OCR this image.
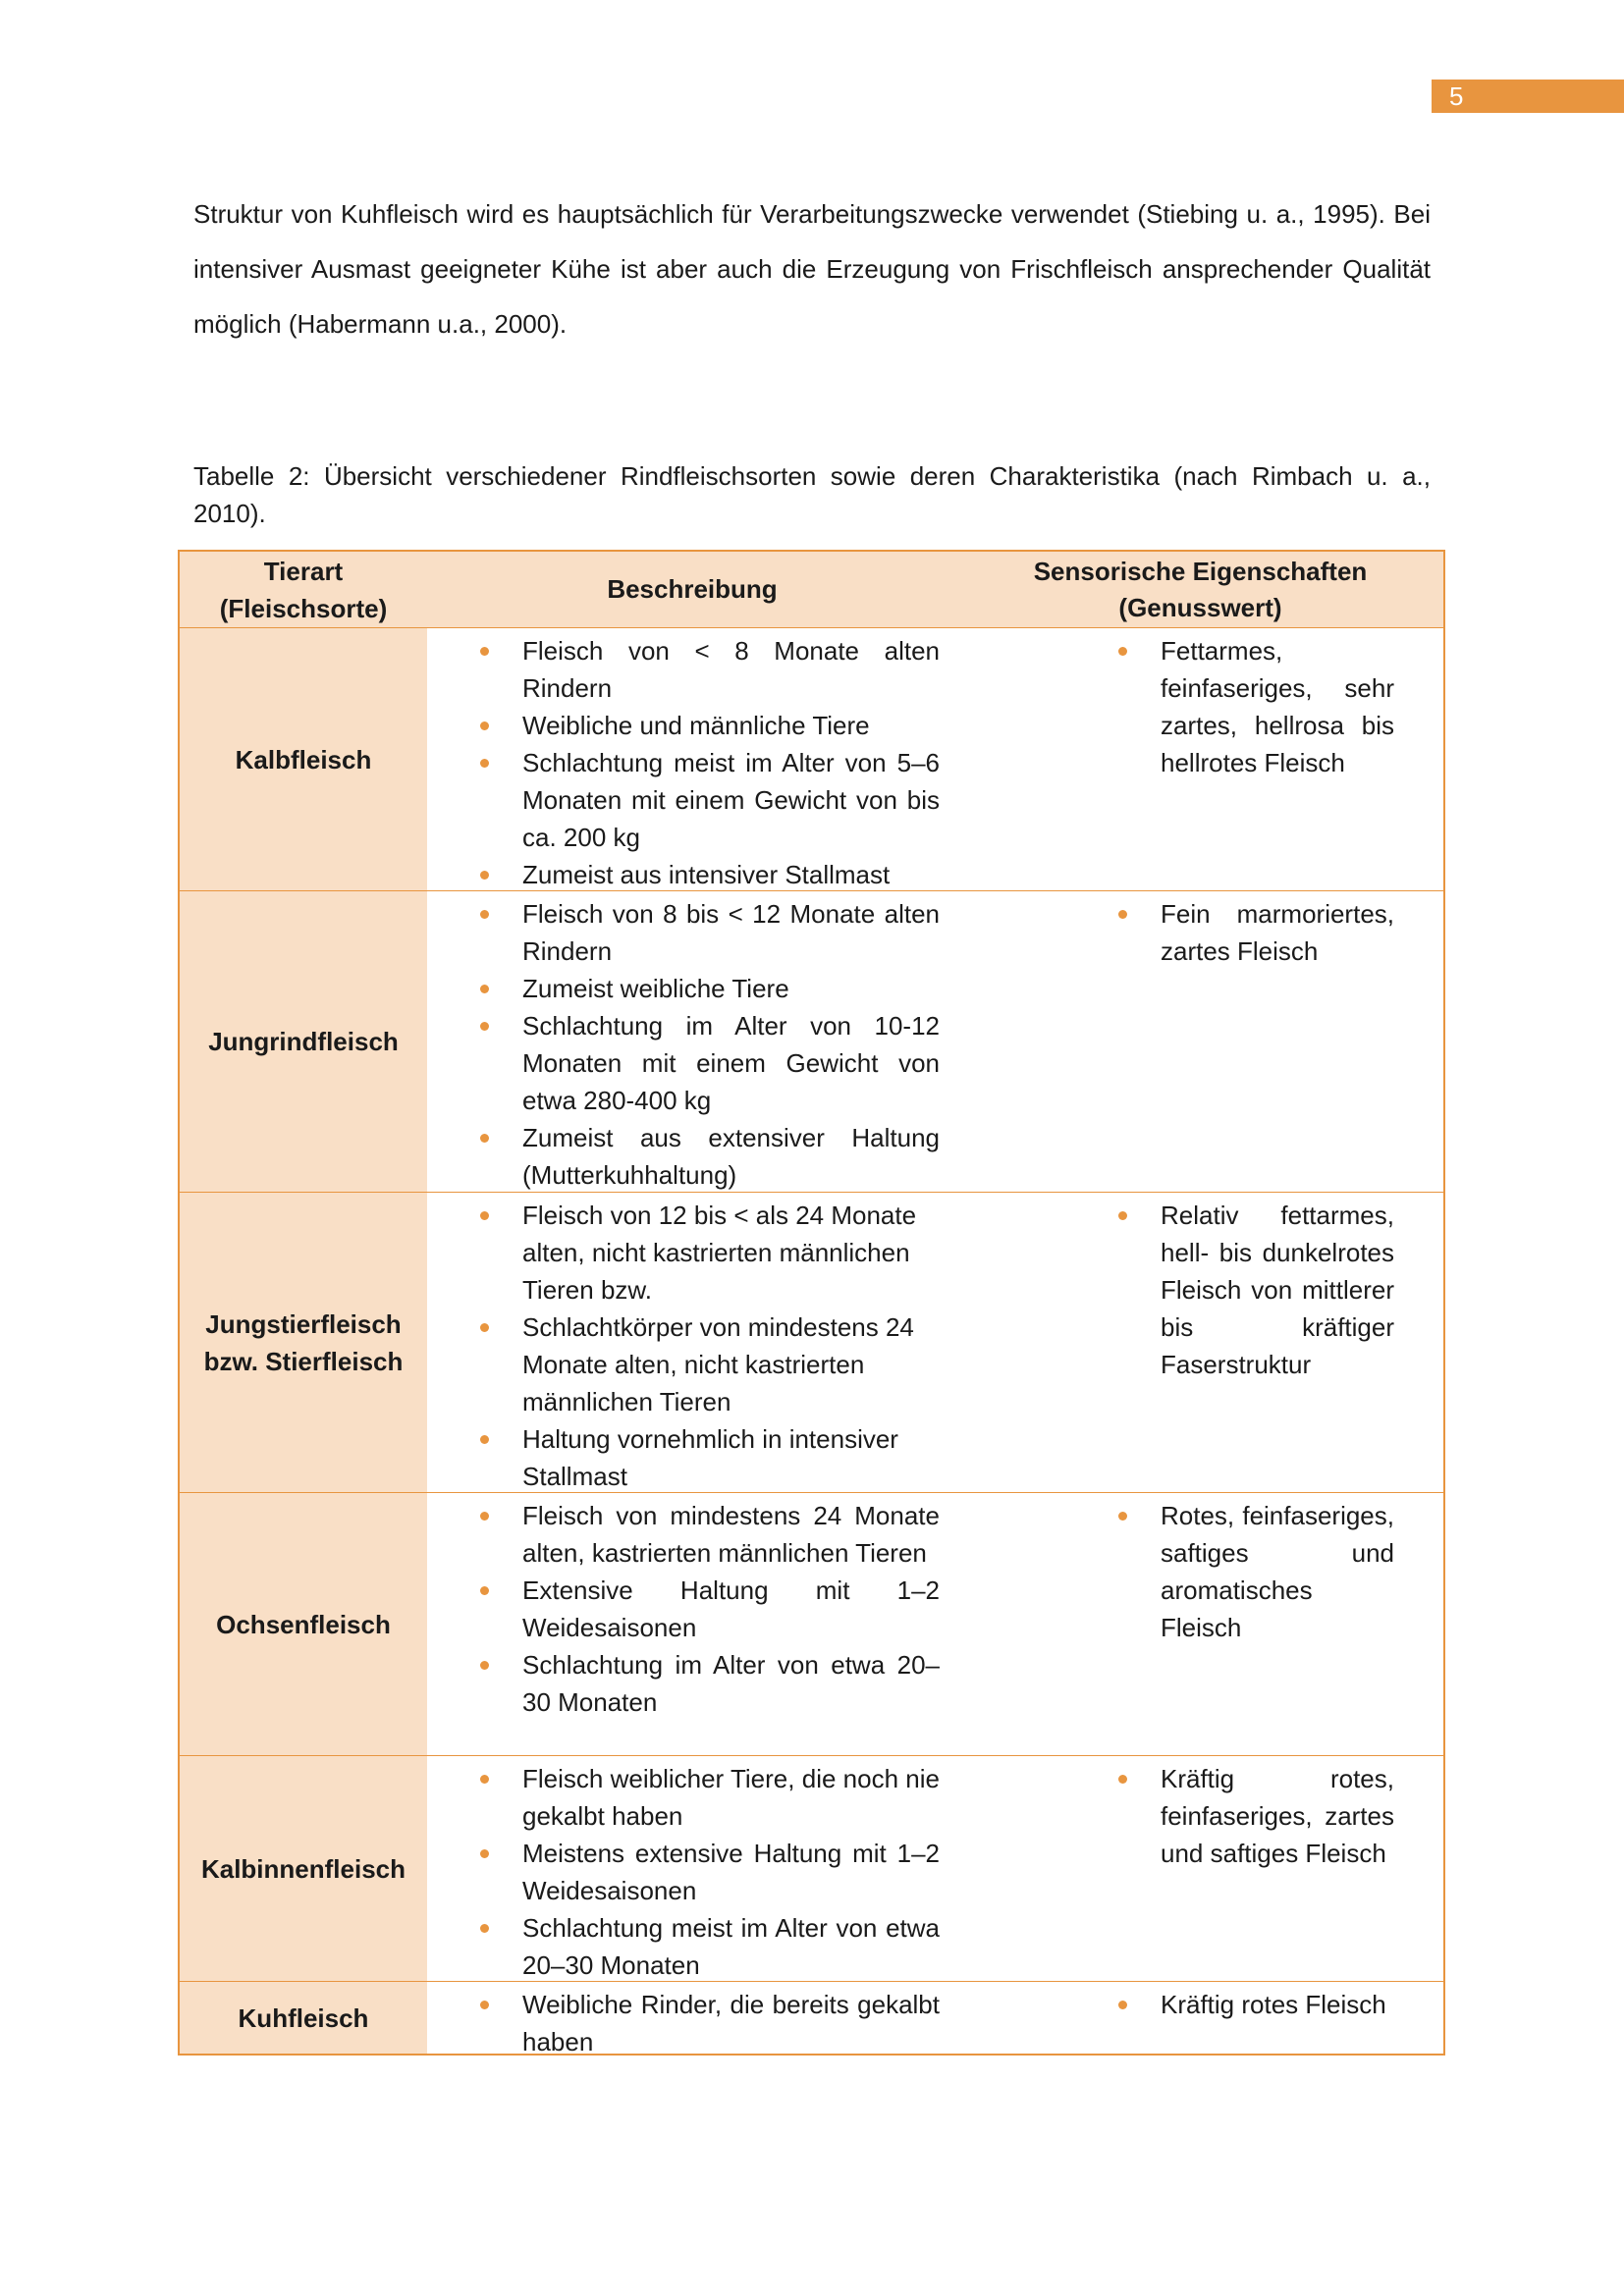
5

Struktur von Kuhfleisch wird es hauptsächlich für Verarbeitungszwecke verwendet (Stiebing u. a., 1995). Bei intensiver Ausmast geeigneter Kühe ist aber auch die Erzeugung von Frischfleisch ansprechender Qualität möglich (Habermann u.a., 2000).

Tabelle 2: Übersicht verschiedener Rindfleischsorten sowie deren Charakteristika (nach Rimbach u. a., 2010).

Tierart (Fleischsorte)
Beschreibung
Sensorische Eigenschaften (Genusswert)
Kalbfleisch
Fleisch von < 8 Monate alten Rindern
Weibliche und männliche Tiere
Schlachtung meist im Alter von 5–6 Monaten mit einem Gewicht von bis ca. 200 kg
Zumeist aus intensiver Stallmast
Fettarmes, feinfaseriges, sehr zartes, hellrosa bis hellrotes Fleisch
Jungrindfleisch
Fleisch von 8 bis < 12 Monate alten Rindern
Zumeist weibliche Tiere
Schlachtung im Alter von 10-12 Monaten mit einem Gewicht von etwa 280-400 kg
Zumeist aus extensiver Haltung (Mutterkuhhaltung)
Fein marmoriertes, zartes Fleisch
Jungstierfleisch bzw. Stierfleisch
Fleisch von 12 bis < als 24 Monate alten, nicht kastrierten männlichen Tieren bzw.
Schlachtkörper von mindestens 24 Monate alten, nicht kastrierten männlichen Tieren
Haltung vornehmlich in intensiver Stallmast
Relativ fettarmes, hell- bis dunkelrotes Fleisch von mittlerer bis kräftiger Faserstruktur
Ochsenfleisch
Fleisch von mindestens 24 Monate alten, kastrierten männlichen Tieren
Extensive Haltung mit 1–2 Weidesaisonen
Schlachtung im Alter von etwa 20–30 Monaten
Rotes, feinfaseriges, saftiges und aromatisches Fleisch
Kalbinnenfleisch
Fleisch weiblicher Tiere, die noch nie gekalbt haben
Meistens extensive Haltung mit 1–2 Weidesaisonen
Schlachtung meist im Alter von etwa 20–30 Monaten
Kräftig rotes, feinfaseriges, zartes und saftiges Fleisch
Kuhfleisch	Weibliche Rinder, die bereits gekalbt haben
Kräftig rotes Fleisch
